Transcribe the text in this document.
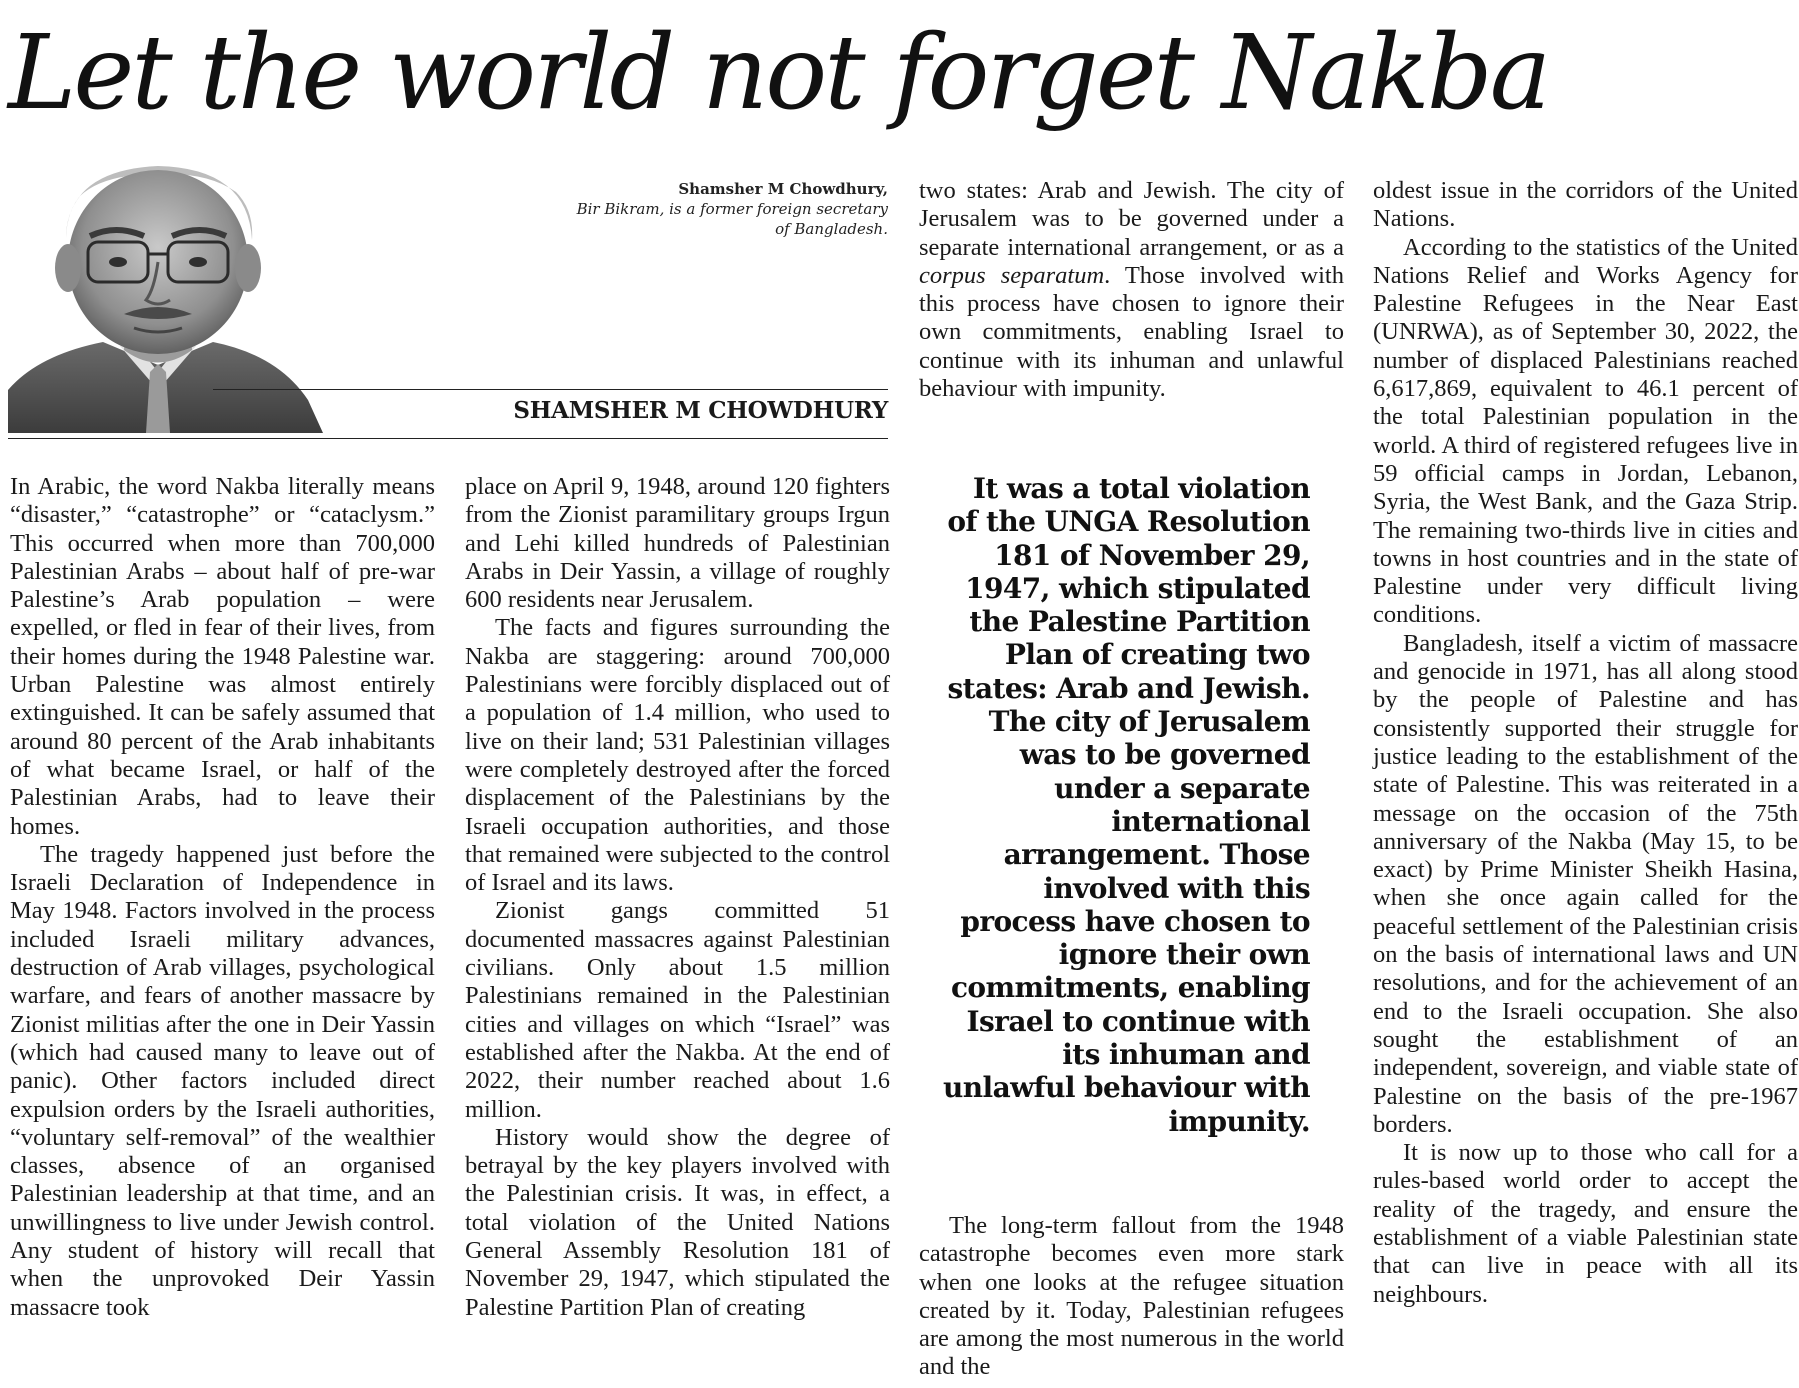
Let the world not forget Nakba
Shamsher M Chowdhury,
Bir Bikram, is a former foreign secretary of Bangladesh.
SHAMSHER M CHOWDHURY

In Arabic, the word Nakba literally means “disaster,” “catastrophe” or “cataclysm.” This occurred when more than 700,000 Palestinian Arabs – about half of pre-war Palestine’s Arab population – were expelled, or fled in fear of their lives, from their homes during the 1948 Palestine war. Urban Palestine was almost entirely extinguished. It can be safely assumed that around 80 percent of the Arab inhabitants of what became Israel, or half of the Palestinian Arabs, had to leave their homes.

The tragedy happened just before the Israeli Declaration of Independence in May 1948. Factors involved in the process included Israeli military advances, destruction of Arab villages, psychological warfare, and fears of another massacre by Zionist militias after the one in Deir Yassin (which had caused many to leave out of panic). Other factors included direct expulsion orders by the Israeli authorities, “voluntary self-removal” of the wealthier classes, absence of an organised Palestinian leadership at that time, and an unwillingness to live under Jewish control. Any student of history will recall that when the unprovoked Deir Yassin massacre took

place on April 9, 1948, around 120 fighters from the Zionist paramilitary groups Irgun and Lehi killed hundreds of Palestinian Arabs in Deir Yassin, a village of roughly 600 residents near Jerusalem.

The facts and figures surrounding the Nakba are staggering: around 700,000 Palestinians were forcibly displaced out of a population of 1.4 million, who used to live on their land; 531 Palestinian villages were completely destroyed after the forced displacement of the Palestinians by the Israeli occupation authorities, and those that remained were subjected to the control of Israel and its laws.

Zionist gangs committed 51 documented massacres against Palestinian civilians. Only about 1.5 million Palestinians remained in the Palestinian cities and villages on which “Israel” was established after the Nakba. At the end of 2022, their number reached about 1.6 million.

History would show the degree of betrayal by the key players involved with the Palestinian crisis. It was, in effect, a total violation of the United Nations General Assembly Resolution 181 of November 29, 1947, which stipulated the Palestine Partition Plan of creating

two states: Arab and Jewish. The city of Jerusalem was to be governed under a separate international arrangement, or as a corpus separatum. Those involved with this process have chosen to ignore their own commitments, enabling Israel to continue with its inhuman and unlawful behaviour with impunity.

It was a total violation of the UNGA Resolution 181 of November 29, 1947, which stipulated the Palestine Partition Plan of creating two states: Arab and Jewish. The city of Jerusalem was to be governed under a separate international arrangement. Those involved with this process have chosen to ignore their own commitments, enabling Israel to continue with its inhuman and unlawful behaviour with impunity.

The long-term fallout from the 1948 catastrophe becomes even more stark when one looks at the refugee situation created by it. Today, Palestinian refugees are among the most numerous in the world and the

oldest issue in the corridors of the United Nations.

According to the statistics of the United Nations Relief and Works Agency for Palestine Refugees in the Near East (UNRWA), as of September 30, 2022, the number of displaced Palestinians reached 6,617,869, equivalent to 46.1 percent of the total Palestinian population in the world. A third of registered refugees live in 59 official camps in Jordan, Lebanon, Syria, the West Bank, and the Gaza Strip. The remaining two-thirds live in cities and towns in host countries and in the state of Palestine under very difficult living conditions.

Bangladesh, itself a victim of massacre and genocide in 1971, has all along stood by the people of Palestine and has consistently supported their struggle for justice leading to the establishment of the state of Palestine. This was reiterated in a message on the occasion of the 75th anniversary of the Nakba (May 15, to be exact) by Prime Minister Sheikh Hasina, when she once again called for the peaceful settlement of the Palestinian crisis on the basis of international laws and UN resolutions, and for the achievement of an end to the Israeli occupation. She also sought the establishment of an independent, sovereign, and viable state of Palestine on the basis of the pre-1967 borders.

It is now up to those who call for a rules-based world order to accept the reality of the tragedy, and ensure the establishment of a viable Palestinian state that can live in peace with all its neighbours.
